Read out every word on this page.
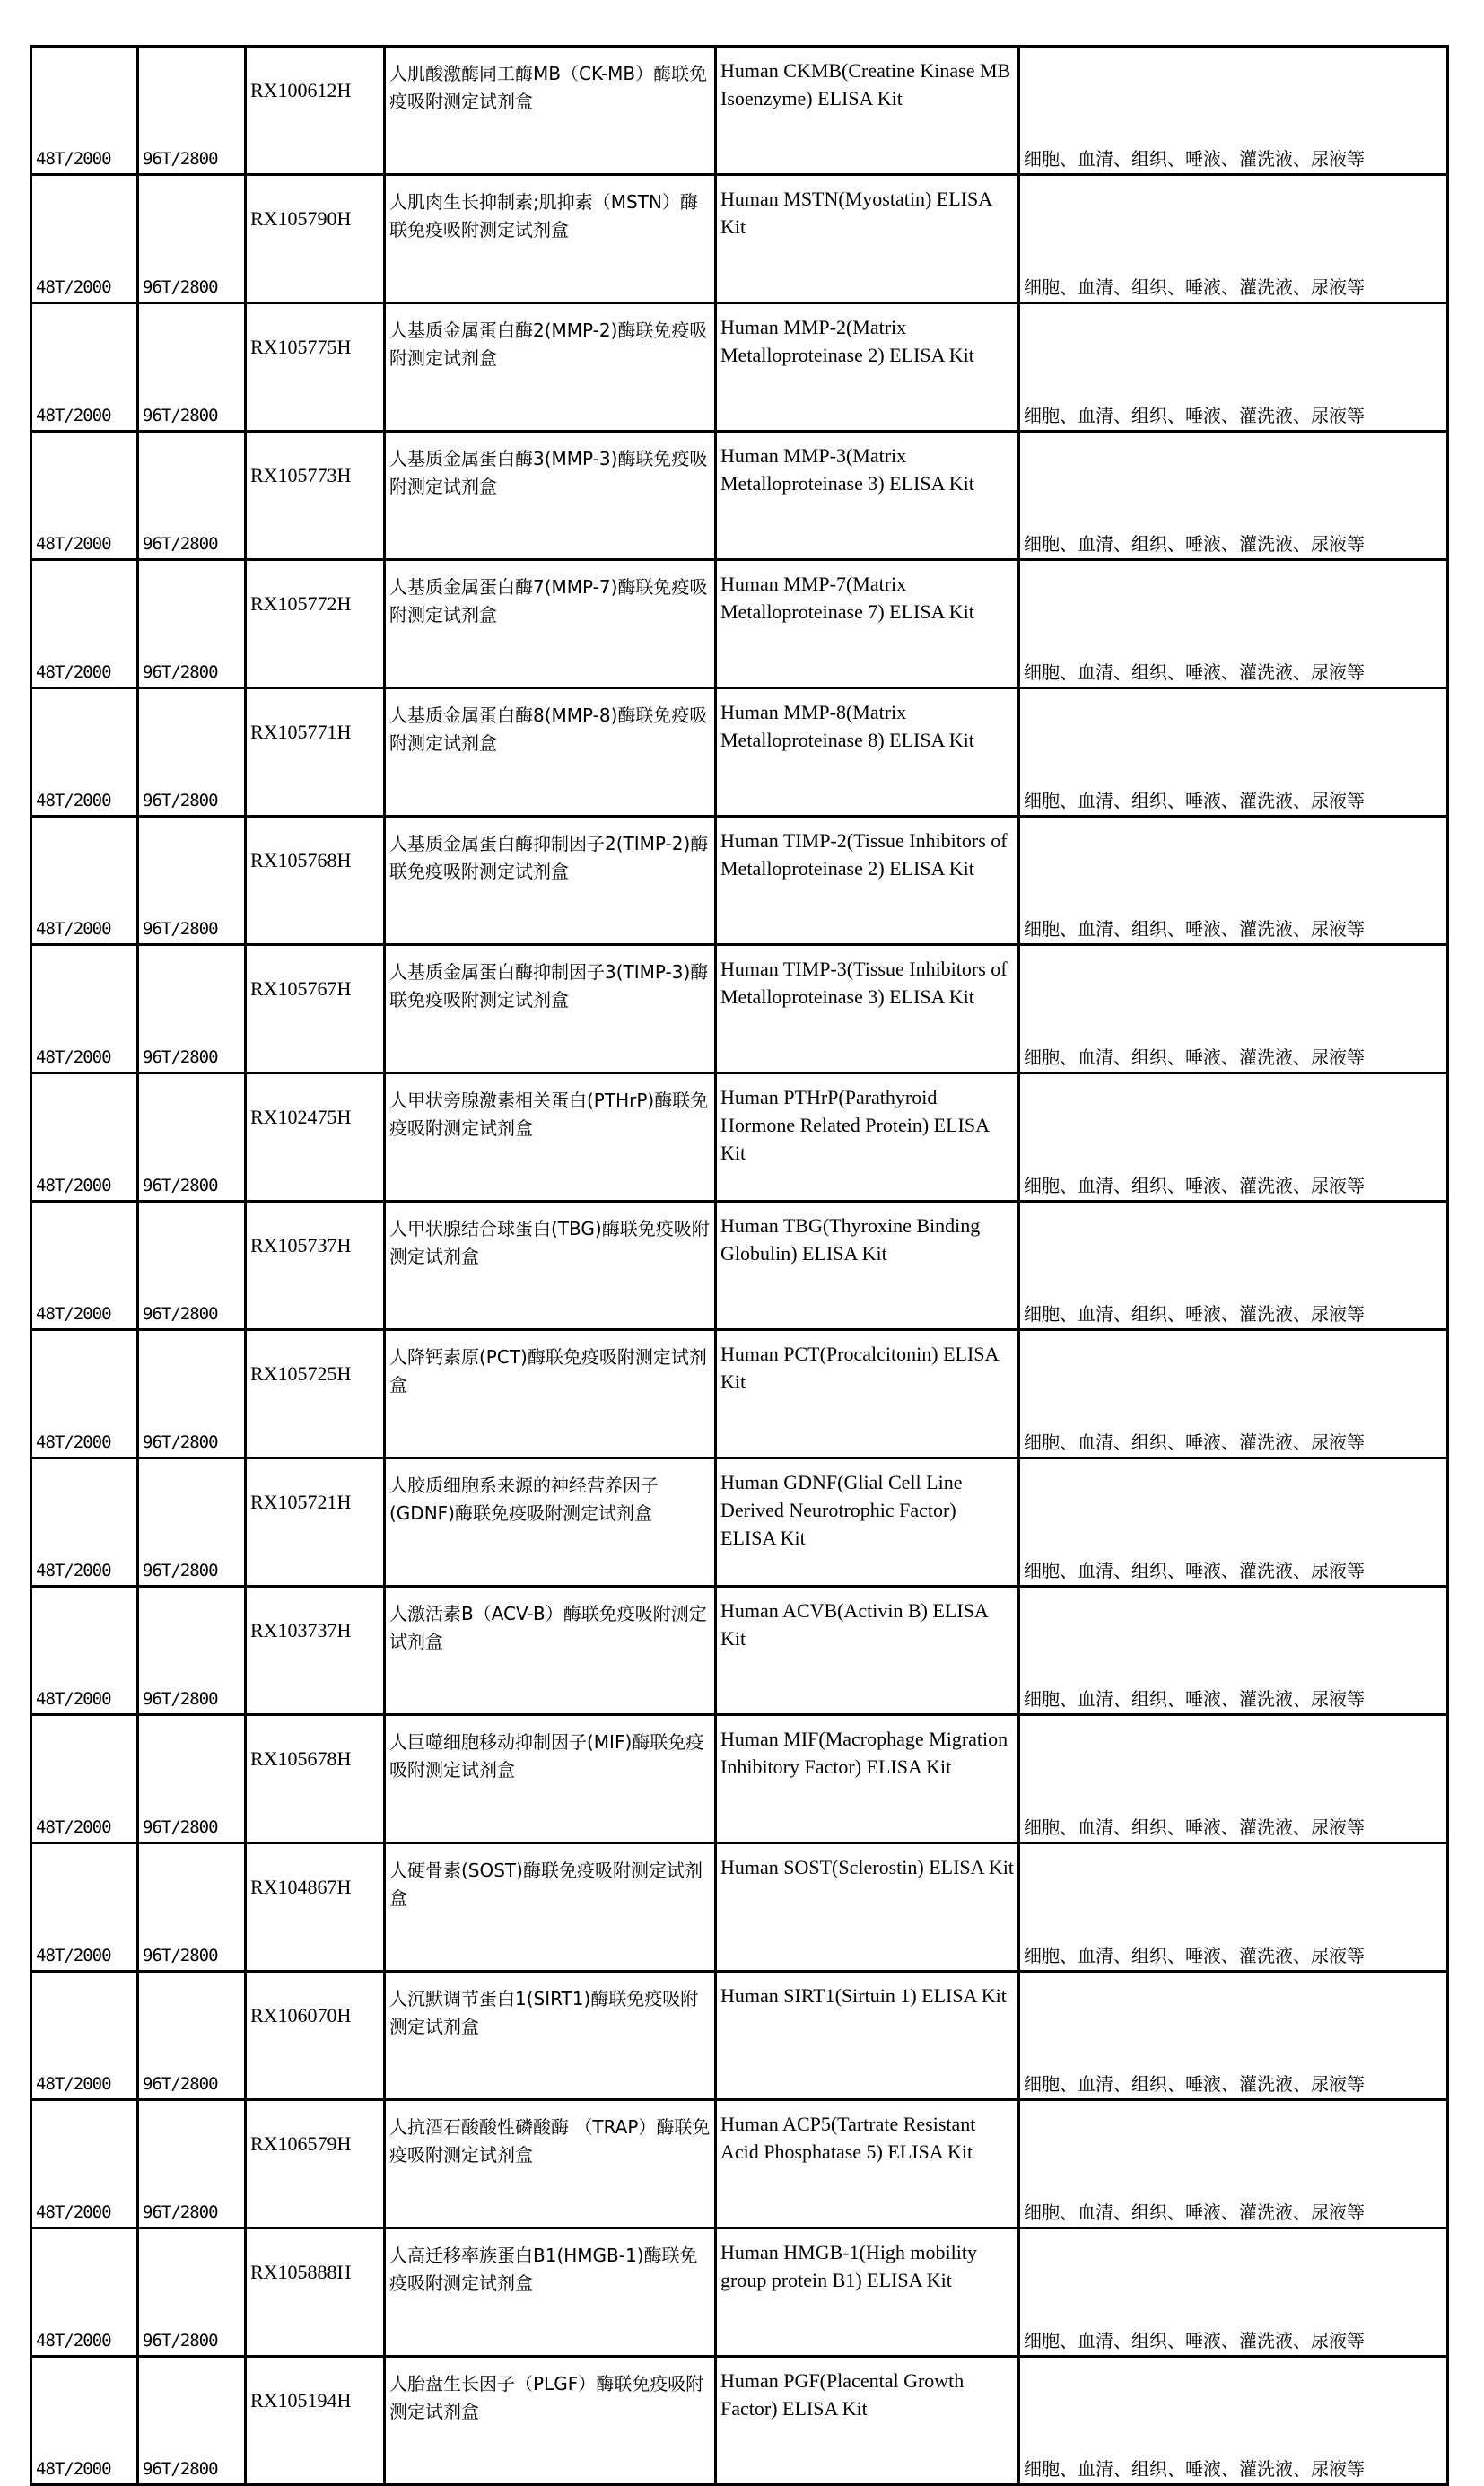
48T/2000	96T/2800	RX100612H	人肌酸激酶同工酶MB（CK-MB）酶联免疫吸附测定试剂盒	Human CKMB(Creatine Kinase MB Isoenzyme) ELISA Kit	细胞、血清、组织、唾液、灌洗液、尿液等
48T/2000	96T/2800	RX105790H	人肌肉生长抑制素;肌抑素（MSTN）酶联免疫吸附测定试剂盒	Human MSTN(Myostatin) ELISA Kit	细胞、血清、组织、唾液、灌洗液、尿液等
48T/2000	96T/2800	RX105775H	人基质金属蛋白酶2(MMP-2)酶联免疫吸附测定试剂盒	Human MMP-2(Matrix Metalloproteinase 2) ELISA Kit	细胞、血清、组织、唾液、灌洗液、尿液等
48T/2000	96T/2800	RX105773H	人基质金属蛋白酶3(MMP-3)酶联免疫吸附测定试剂盒	Human MMP-3(Matrix Metalloproteinase 3) ELISA Kit	细胞、血清、组织、唾液、灌洗液、尿液等
48T/2000	96T/2800	RX105772H	人基质金属蛋白酶7(MMP-7)酶联免疫吸附测定试剂盒	Human MMP-7(Matrix Metalloproteinase 7) ELISA Kit	细胞、血清、组织、唾液、灌洗液、尿液等
48T/2000	96T/2800	RX105771H	人基质金属蛋白酶8(MMP-8)酶联免疫吸附测定试剂盒	Human MMP-8(Matrix Metalloproteinase 8) ELISA Kit	细胞、血清、组织、唾液、灌洗液、尿液等
48T/2000	96T/2800	RX105768H	人基质金属蛋白酶抑制因子2(TIMP-2)酶联免疫吸附测定试剂盒	Human TIMP-2(Tissue Inhibitors of Metalloproteinase 2) ELISA Kit	细胞、血清、组织、唾液、灌洗液、尿液等
48T/2000	96T/2800	RX105767H	人基质金属蛋白酶抑制因子3(TIMP-3)酶联免疫吸附测定试剂盒	Human TIMP-3(Tissue Inhibitors of Metalloproteinase 3) ELISA Kit	细胞、血清、组织、唾液、灌洗液、尿液等
48T/2000	96T/2800	RX102475H	人甲状旁腺激素相关蛋白(PTHrP)酶联免疫吸附测定试剂盒	Human PTHrP(Parathyroid Hormone Related Protein) ELISA Kit	细胞、血清、组织、唾液、灌洗液、尿液等
48T/2000	96T/2800	RX105737H	人甲状腺结合球蛋白(TBG)酶联免疫吸附测定试剂盒	Human TBG(Thyroxine Binding Globulin) ELISA Kit	细胞、血清、组织、唾液、灌洗液、尿液等
48T/2000	96T/2800	RX105725H	人降钙素原(PCT)酶联免疫吸附测定试剂盒	Human PCT(Procalcitonin) ELISA Kit	细胞、血清、组织、唾液、灌洗液、尿液等
48T/2000	96T/2800	RX105721H	人胶质细胞系来源的神经营养因子(GDNF)酶联免疫吸附测定试剂盒	Human GDNF(Glial Cell Line Derived Neurotrophic Factor) ELISA Kit	细胞、血清、组织、唾液、灌洗液、尿液等
48T/2000	96T/2800	RX103737H	人激活素B（ACV-B）酶联免疫吸附测定试剂盒	Human ACVB(Activin B) ELISA Kit	细胞、血清、组织、唾液、灌洗液、尿液等
48T/2000	96T/2800	RX105678H	人巨噬细胞移动抑制因子(MIF)酶联免疫吸附测定试剂盒	Human MIF(Macrophage Migration Inhibitory Factor) ELISA Kit	细胞、血清、组织、唾液、灌洗液、尿液等
48T/2000	96T/2800	RX104867H	人硬骨素(SOST)酶联免疫吸附测定试剂盒	Human SOST(Sclerostin) ELISA Kit	细胞、血清、组织、唾液、灌洗液、尿液等
48T/2000	96T/2800	RX106070H	人沉默调节蛋白1(SIRT1)酶联免疫吸附测定试剂盒	Human SIRT1(Sirtuin 1) ELISA Kit	细胞、血清、组织、唾液、灌洗液、尿液等
48T/2000	96T/2800	RX106579H	人抗酒石酸酸性磷酸酶 （TRAP）酶联免疫吸附测定试剂盒	Human ACP5(Tartrate Resistant Acid Phosphatase 5) ELISA Kit	细胞、血清、组织、唾液、灌洗液、尿液等
48T/2000	96T/2800	RX105888H	人高迁移率族蛋白B1(HMGB-1)酶联免疫吸附测定试剂盒	Human HMGB-1(High mobility group protein B1) ELISA Kit	细胞、血清、组织、唾液、灌洗液、尿液等
48T/2000	96T/2800	RX105194H	人胎盘生长因子（PLGF）酶联免疫吸附测定试剂盒	Human PGF(Placental Growth Factor) ELISA Kit	细胞、血清、组织、唾液、灌洗液、尿液等
